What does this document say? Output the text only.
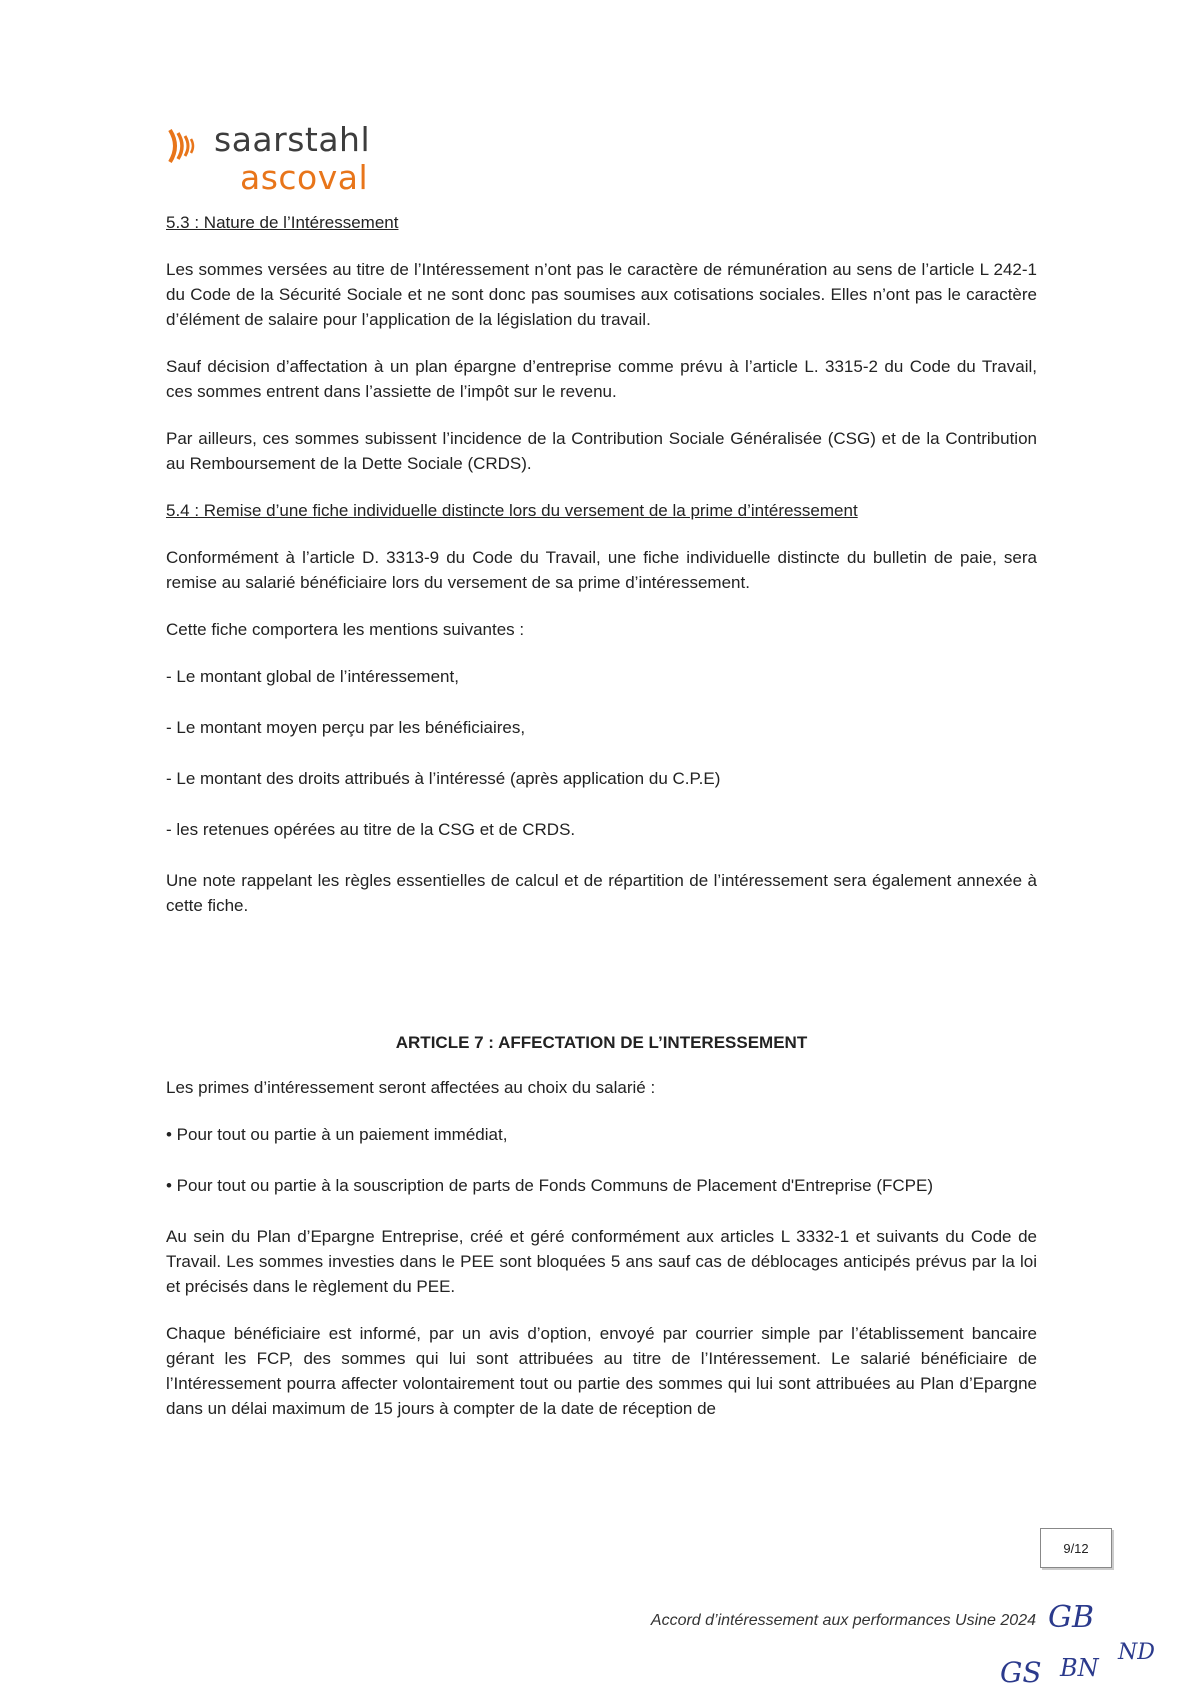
saarstahl
ascoval
5.3 : Nature de l’Intéressement

Les sommes versées au titre de l’Intéressement n’ont pas le caractère de rémunération au sens de l’article L 242-1 du Code de la Sécurité Sociale et ne sont donc pas soumises aux cotisations sociales. Elles n’ont pas le caractère d’élément de salaire pour l’application de la législation du travail.

Sauf décision d’affectation à un plan épargne d’entreprise comme prévu à l’article L. 3315-2 du Code du Travail, ces sommes entrent dans l’assiette de l’impôt sur le revenu.

Par ailleurs, ces sommes subissent l’incidence de la Contribution Sociale Généralisée (CSG) et de la Contribution au Remboursement de la Dette Sociale (CRDS).

5.4 : Remise d’une fiche individuelle distincte lors du versement de la prime d’intéressement

Conformément à l’article D. 3313-9 du Code du Travail, une fiche individuelle distincte du bulletin de paie, sera remise au salarié bénéficiaire lors du versement de sa prime d’intéressement.

Cette fiche comportera les mentions suivantes :

- Le montant global de l’intéressement,
- Le montant moyen perçu par les bénéficiaires,
- Le montant des droits attribués à l’intéressé (après application du C.P.E)
- les retenues opérées au titre de la CSG et de CRDS.

Une note rappelant les règles essentielles de calcul et de répartition de l’intéressement sera également annexée à cette fiche.

ARTICLE 7 : AFFECTATION DE L’INTERESSEMENT

Les primes d’intéressement seront affectées au choix du salarié :

• Pour tout ou partie à un paiement immédiat,
• Pour tout ou partie à la souscription de parts de Fonds Communs de Placement d'Entreprise (FCPE)

Au sein du Plan d’Epargne Entreprise, créé et géré conformément aux articles L 3332-1 et suivants du Code de Travail. Les sommes investies dans le PEE sont bloquées 5 ans sauf cas de déblocages anticipés prévus par la loi et précisés dans le règlement du PEE.

Chaque bénéficiaire est informé, par un avis d’option, envoyé par courrier simple par l’établissement bancaire gérant les FCP, des sommes qui lui sont attribuées au titre de l’Intéressement. Le salarié bénéficiaire de l’Intéressement pourra affecter volontairement tout ou partie des sommes qui lui sont attribuées au Plan d’Epargne dans un délai maximum de 15 jours à compter de la date de réception de

9/12
Accord d’intéressement aux performances Usine 2024 GB
GS BN
ND
